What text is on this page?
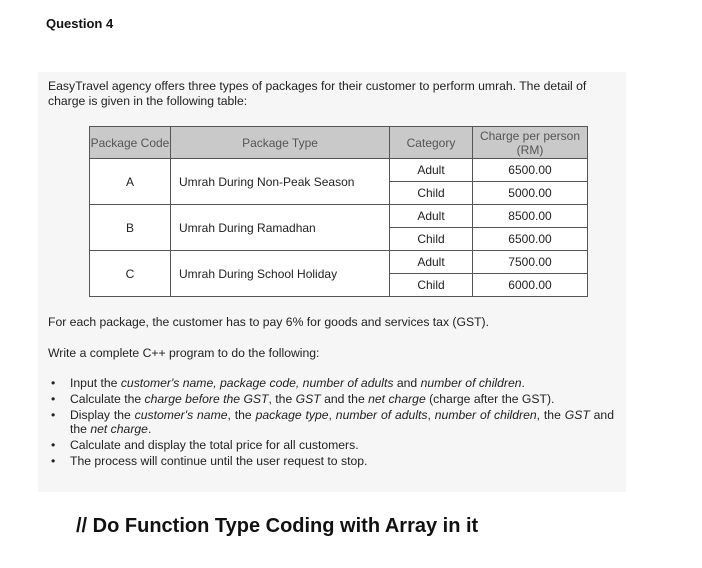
Question 4
EasyTravel agency offers three types of packages for their customer to perform umrah. The detail of charge is given in the following table:
Package Code	Package Type	Category	Charge per person (RM)
A	Umrah During Non-Peak Season	Adult	6500.00
		Child	5000.00
B	Umrah During Ramadhan	Adult	8500.00
		Child	6500.00
C	Umrah During School Holiday	Adult	7500.00
		Child	6000.00
For each package, the customer has to pay 6% for goods and services tax (GST).
Write a complete C++ program to do the following:
• Input the customer's name, package code, number of adults and number of children.
• Calculate the charge before the GST, the GST and the net charge (charge after the GST).
• Display the customer's name, the package type, number of adults, number of children, the GST and the net charge.
• Calculate and display the total price for all customers.
• The process will continue until the user request to stop.
// Do Function Type Coding with Array in it
